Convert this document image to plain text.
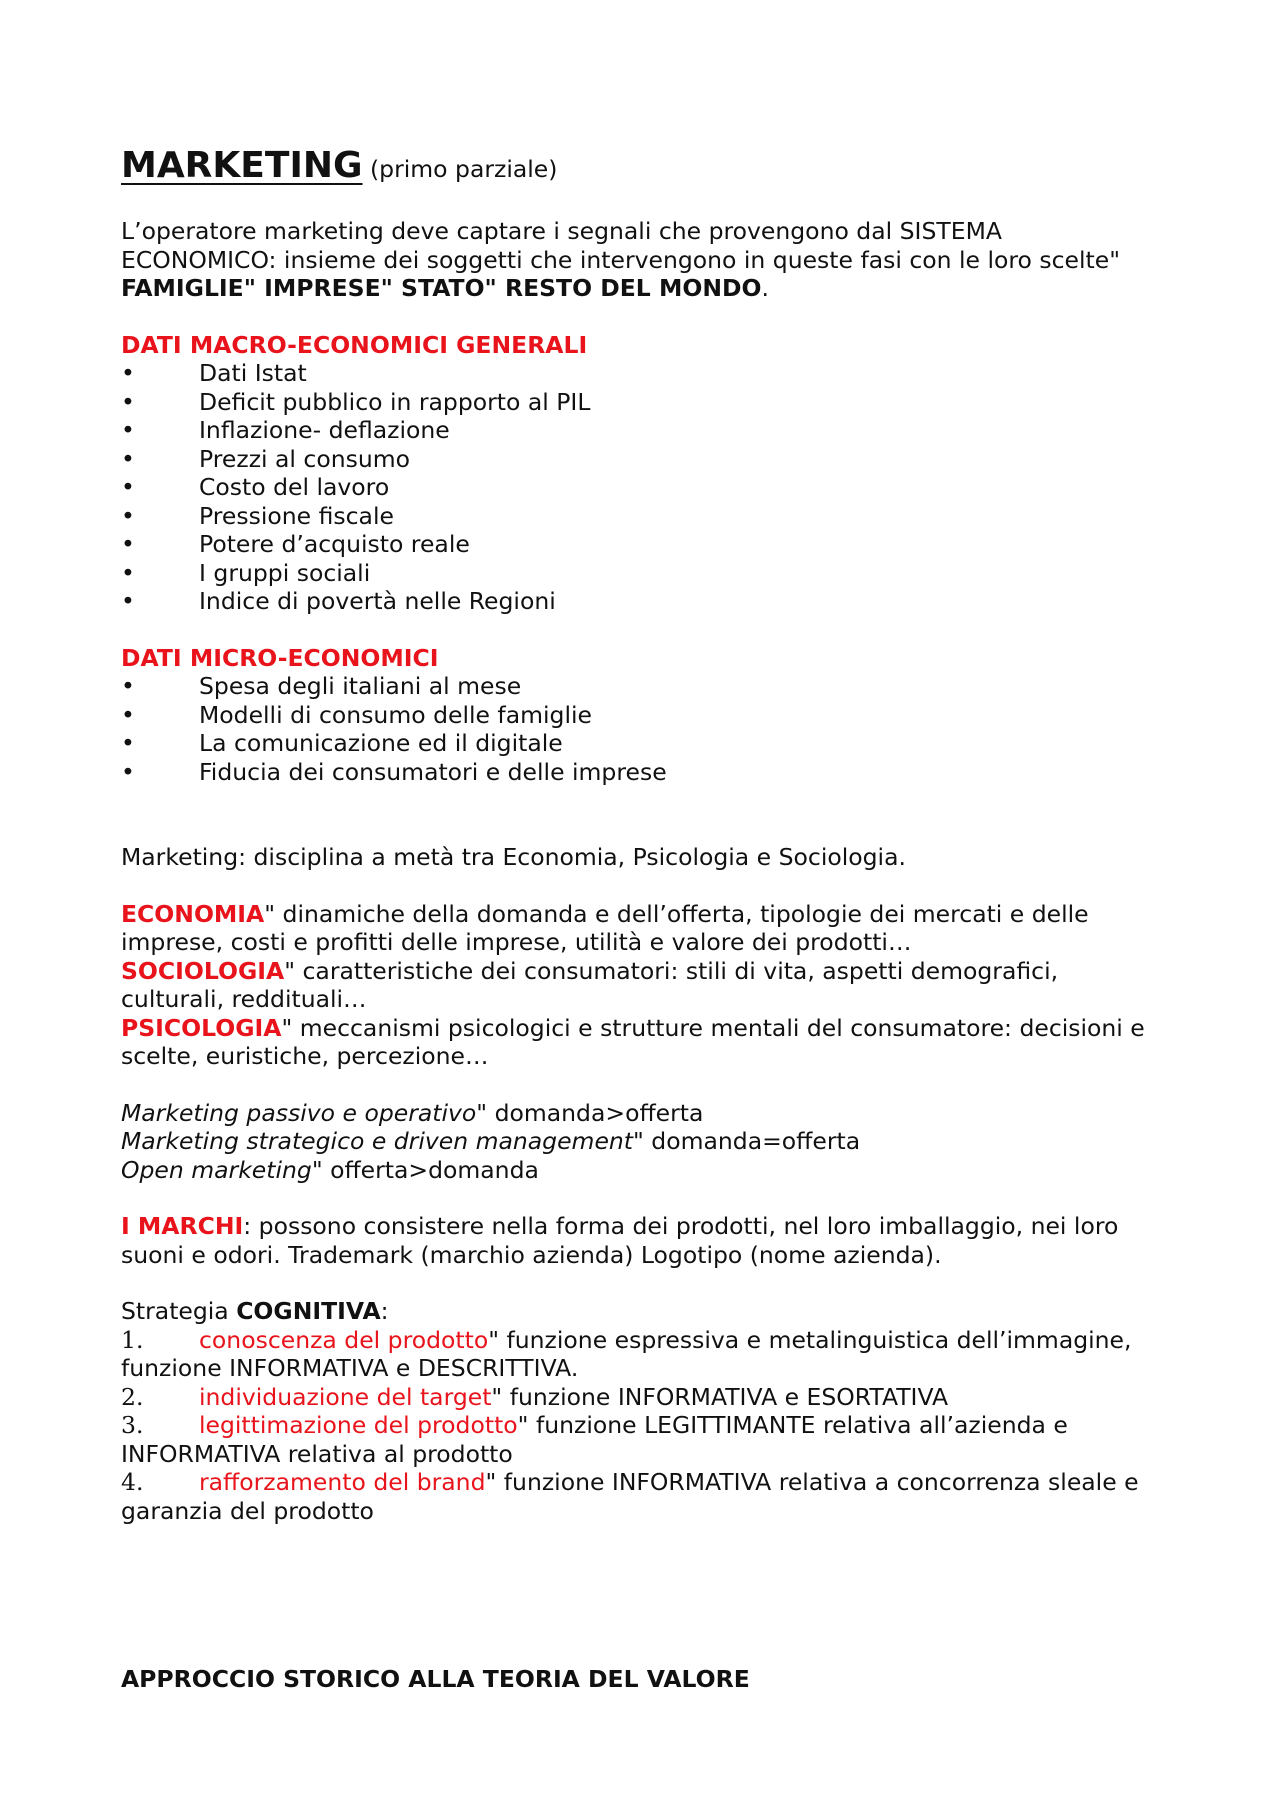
MARKETING (primo parziale)

L’operatore marketing deve captare i segnali che provengono dal SISTEMA ECONOMICO: insieme dei soggetti che intervengono in queste fasi con le loro scelte" FAMIGLIE" IMPRESE" STATO" RESTO DEL MONDO.

DATI MACRO-ECONOMICI GENERALI

•	Dati Istat
•	Deficit pubblico in rapporto al PIL
•	Inflazione- deflazione
•	Prezzi al consumo
•	Costo del lavoro
•	Pressione fiscale
•	Potere d’acquisto reale
•	I gruppi sociali
•	Indice di povertà nelle Regioni

DATI MICRO-ECONOMICI

•	Spesa degli italiani al mese
•	Modelli di consumo delle famiglie
•	La comunicazione ed il digitale
•	Fiducia dei consumatori e delle imprese

Marketing: disciplina a metà tra Economia, Psicologia e Sociologia.

ECONOMIA" dinamiche della domanda e dell’offerta, tipologie dei mercati e delle imprese, costi e profitti delle imprese, utilità e valore dei prodotti…

SOCIOLOGIA" caratteristiche dei consumatori: stili di vita, aspetti demografici, culturali, reddituali…

PSICOLOGIA" meccanismi psicologici e strutture mentali del consumatore: decisioni e scelte, euristiche, percezione…

Marketing passivo e operativo" domanda>offerta

Marketing strategico e driven management" domanda=offerta

Open marketing" offerta>domanda

I MARCHI: possono consistere nella forma dei prodotti, nel loro imballaggio, nei loro suoni e odori. Trademark (marchio azienda) Logotipo (nome azienda).

Strategia COGNITIVA:

1. conoscenza del prodotto" funzione espressiva e metalinguistica dell’immagine, funzione INFORMATIVA e DESCRITTIVA.

2. individuazione del target" funzione INFORMATIVA e ESORTATIVA

3. legittimazione del prodotto" funzione LEGITTIMANTE relativa all’azienda e INFORMATIVA relativa al prodotto

4. rafforzamento del brand" funzione INFORMATIVA relativa a concorrenza sleale e garanzia del prodotto

APPROCCIO STORICO ALLA TEORIA DEL VALORE
